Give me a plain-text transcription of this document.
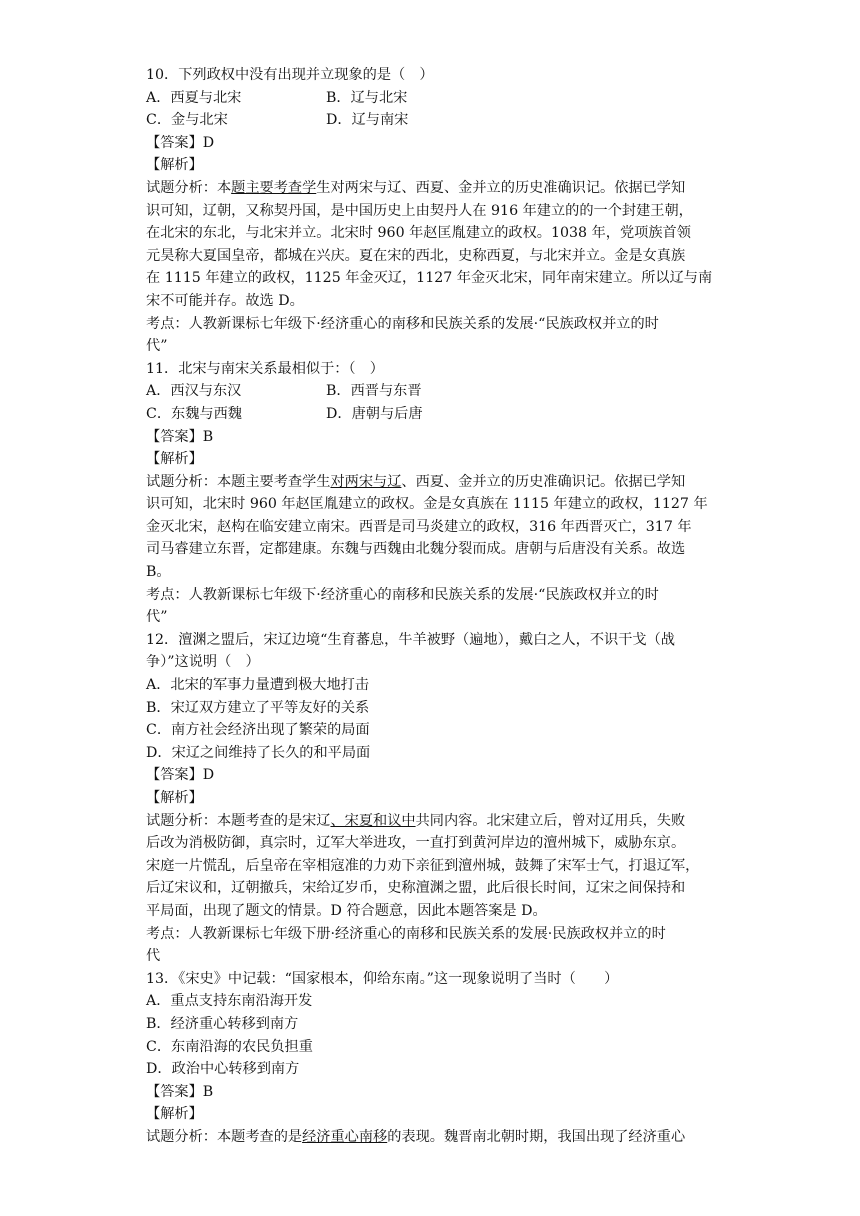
10．下列政权中没有出现并立现象的是（　）
A．西夏与北宋	B．辽与北宋
C．金与北宋	D．辽与南宋
【答案】D
【解析】
试题分析：本题主要考查学生对两宋与辽、西夏、金并立的历史准确识记。依据已学知
识可知，辽朝，又称契丹国，是中国历史上由契丹人在 916 年建立的的一个封建王朝，
在北宋的东北，与北宋并立。北宋时 960 年赵匡胤建立的政权。1038 年，党项族首领
元昊称大夏国皇帝，都城在兴庆。夏在宋的西北，史称西夏，与北宋并立。金是女真族
在 1115 年建立的政权，1125 年金灭辽，1127 年金灭北宋，同年南宋建立。所以辽与南
宋不可能并存。故选 D。
考点：人教新课标七年级下·经济重心的南移和民族关系的发展·“民族政权并立的时
代”
11．北宋与南宋关系最相似于：（　）
A．西汉与东汉	B．西晋与东晋
C．东魏与西魏	D．唐朝与后唐
【答案】B
【解析】
试题分析：本题主要考查学生对两宋与辽、西夏、金并立的历史准确识记。依据已学知
识可知，北宋时 960 年赵匡胤建立的政权。金是女真族在 1115 年建立的政权，1127 年
金灭北宋，赵构在临安建立南宋。西晋是司马炎建立的政权，316 年西晋灭亡，317 年
司马睿建立东晋，定都建康。东魏与西魏由北魏分裂而成。唐朝与后唐没有关系。故选
B。
考点：人教新课标七年级下·经济重心的南移和民族关系的发展·“民族政权并立的时
代”
12．澶渊之盟后，宋辽边境“生育蕃息，牛羊被野（遍地），戴白之人，不识干戈（战
争）”这说明（　）
A．北宋的军事力量遭到极大地打击
B．宋辽双方建立了平等友好的关系
C．南方社会经济出现了繁荣的局面
D．宋辽之间维持了长久的和平局面
【答案】D
【解析】
试题分析：本题考查的是宋辽、宋夏和议中共同内容。北宋建立后，曾对辽用兵，失败
后改为消极防御，真宗时，辽军大举进攻，一直打到黄河岸边的澶州城下，威胁东京。
宋庭一片慌乱，后皇帝在宰相寇准的力劝下亲征到澶州城，鼓舞了宋军士气，打退辽军，
后辽宋议和，辽朝撤兵，宋给辽岁币，史称澶渊之盟，此后很长时间，辽宋之间保持和
平局面，出现了题文的情景。D 符合题意，因此本题答案是 D。
考点：人教新课标七年级下册·经济重心的南移和民族关系的发展·民族政权并立的时
代
13．《宋史》中记载：“国家根本，仰给东南。”这一现象说明了当时（　　）
A．重点支持东南沿海开发
B．经济重心转移到南方
C．东南沿海的农民负担重
D．政治中心转移到南方
【答案】B
【解析】
试题分析：本题考查的是经济重心南移的表现。魏晋南北朝时期，我国出现了经济重心
